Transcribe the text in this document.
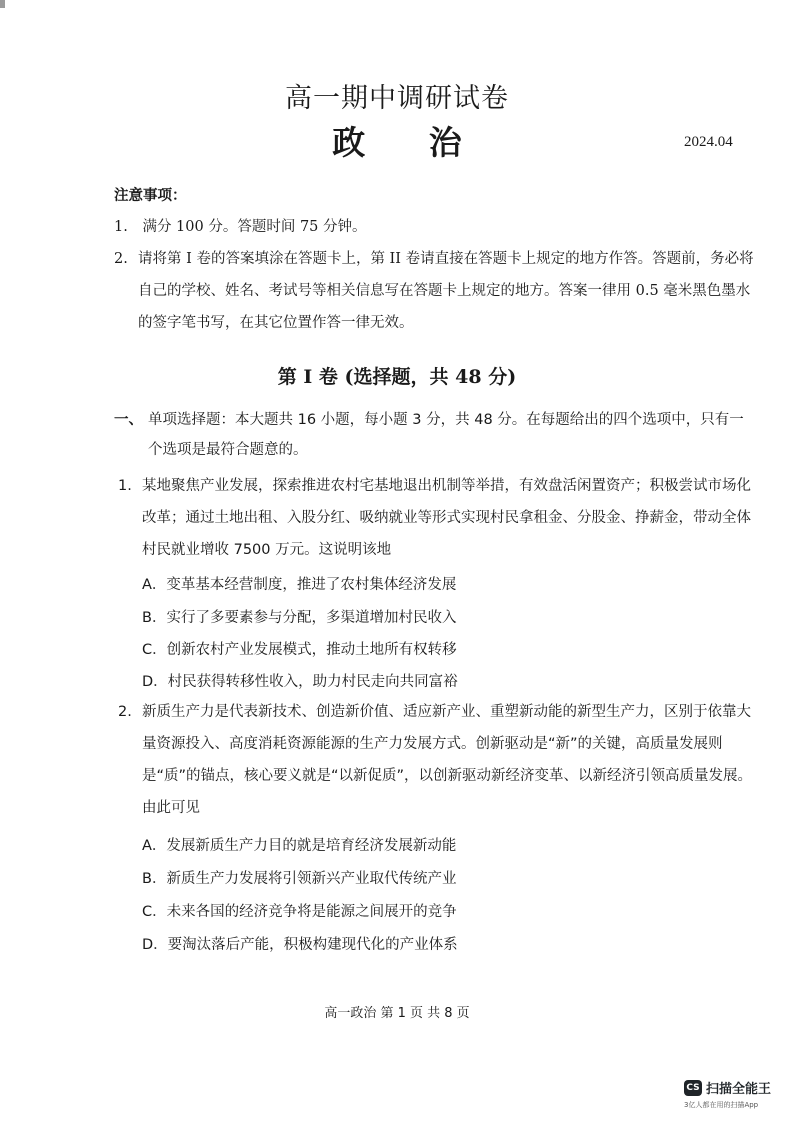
高一期中调研试卷
政 治	2024.04
注意事项：
1. 满分 100 分。答题时间 75 分钟。
2. 请将第 I 卷的答案填涂在答题卡上，第 II 卷请直接在答题卡上规定的地方作答。答题前，务必将自己的学校、姓名、考试号等相关信息写在答题卡上规定的地方。答案一律用 0.5 毫米黑色墨水的签字笔书写，在其它位置作答一律无效。
第 I 卷 (选择题，共 48 分)
一、 单项选择题：本大题共 16 小题，每小题 3 分，共 48 分。在每题给出的四个选项中，只有一个选项是最符合题意的。
1. 某地聚焦产业发展，探索推进农村宅基地退出机制等举措，有效盘活闲置资产；积极尝试市场化改革；通过土地出租、入股分红、吸纳就业等形式实现村民拿租金、分股金、挣薪金，带动全体村民就业增收 7500 万元。这说明该地
A．变革基本经营制度，推进了农村集体经济发展
B．实行了多要素参与分配，多渠道增加村民收入
C．创新农村产业发展模式，推动土地所有权转移
D．村民获得转移性收入，助力村民走向共同富裕
2. 新质生产力是代表新技术、创造新价值、适应新产业、重塑新动能的新型生产力，区别于依靠大量资源投入、高度消耗资源能源的生产力发展方式。创新驱动是“新”的关键，高质量发展则是“质”的锚点，核心要义就是“以新促质”，以创新驱动新经济变革、以新经济引领高质量发展。由此可见
A．发展新质生产力目的就是培育经济发展新动能
B．新质生产力发展将引领新兴产业取代传统产业
C．未来各国的经济竞争将是能源之间展开的竞争
D．要淘汰落后产能，积极构建现代化的产业体系
高一政治 第 1 页 共 8 页
CS 扫描全能王
3亿人都在用的扫描App
